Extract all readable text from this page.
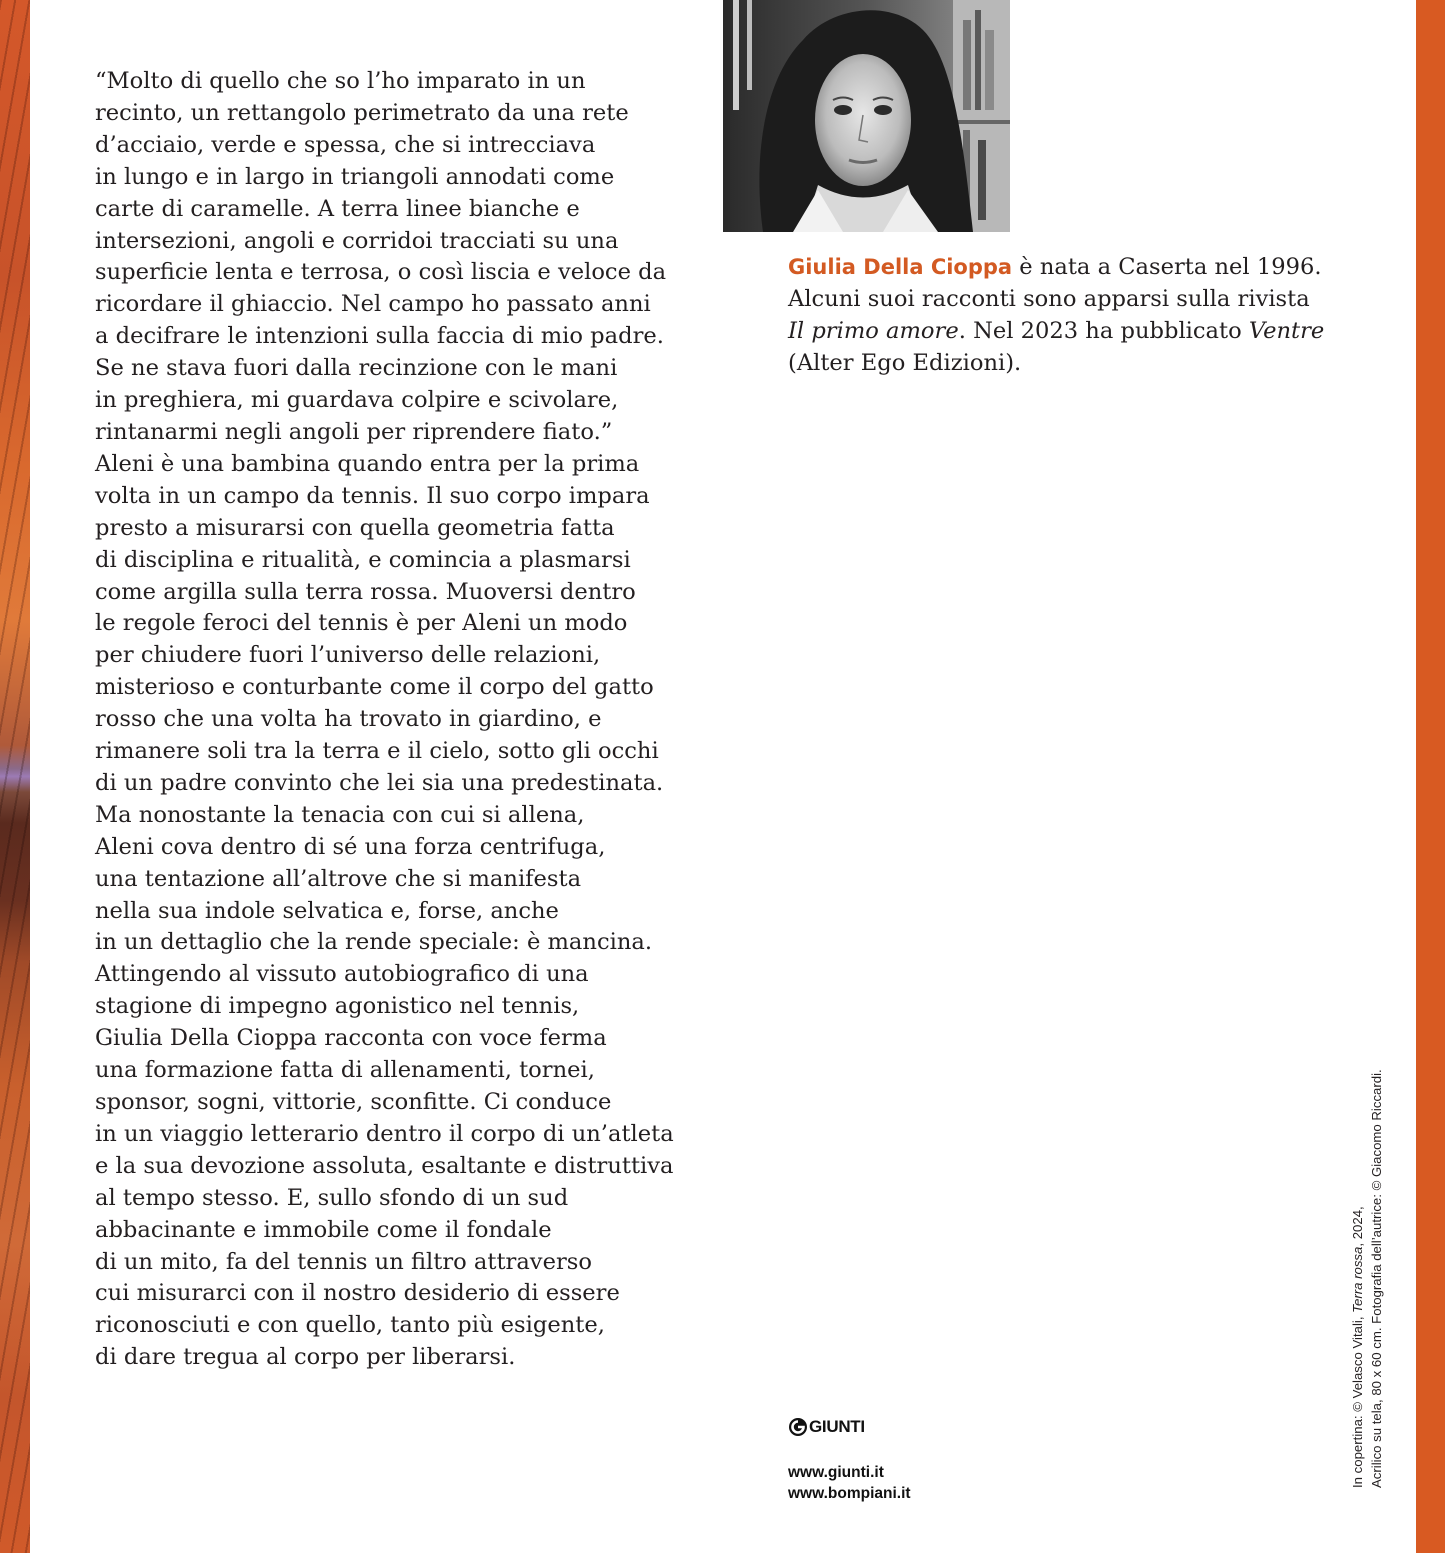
“Molto di quello che so l’ho imparato in un
recinto, un rettangolo perimetrato da una rete
d’acciaio, verde e spessa, che si intrecciava
in lungo e in largo in triangoli annodati come
carte di caramelle. A terra linee bianche e
intersezioni, angoli e corridoi tracciati su una
superficie lenta e terrosa, o così liscia e veloce da
ricordare il ghiaccio. Nel campo ho passato anni
a decifrare le intenzioni sulla faccia di mio padre.
Se ne stava fuori dalla recinzione con le mani
in preghiera, mi guardava colpire e scivolare,
rintanarmi negli angoli per riprendere fiato.”
Aleni è una bambina quando entra per la prima
volta in un campo da tennis. Il suo corpo impara
presto a misurarsi con quella geometria fatta
di disciplina e ritualità, e comincia a plasmarsi
come argilla sulla terra rossa. Muoversi dentro
le regole feroci del tennis è per Aleni un modo
per chiudere fuori l’universo delle relazioni,
misterioso e conturbante come il corpo del gatto
rosso che una volta ha trovato in giardino, e
rimanere soli tra la terra e il cielo, sotto gli occhi
di un padre convinto che lei sia una predestinata.
Ma nonostante la tenacia con cui si allena,
Aleni cova dentro di sé una forza centrifuga,
una tentazione all’altrove che si manifesta
nella sua indole selvatica e, forse, anche
in un dettaglio che la rende speciale: è mancina.
Attingendo al vissuto autobiografico di una
stagione di impegno agonistico nel tennis,
Giulia Della Cioppa racconta con voce ferma
una formazione fatta di allenamenti, tornei,
sponsor, sogni, vittorie, sconfitte. Ci conduce
in un viaggio letterario dentro il corpo di un’atleta
e la sua devozione assoluta, esaltante e distruttiva
al tempo stesso. E, sullo sfondo di un sud
abbacinante e immobile come il fondale
di un mito, fa del tennis un filtro attraverso
cui misurarci con il nostro desiderio di essere
riconosciuti e con quello, tanto più esigente,
di dare tregua al corpo per liberarsi.
Giulia Della Cioppa è nata a Caserta nel 1996.
Alcuni suoi racconti sono apparsi sulla rivista
Il primo amore. Nel 2023 ha pubblicato Ventre
(Alter Ego Edizioni).
GIUNTI
www.giunti.it
www.bompiani.it
In copertina: © Velasco Vitali, Terra rossa, 2024, Acrilico su tela, 80 x 60 cm. Fotografia dell’autrice: © Giacomo Riccardi.
